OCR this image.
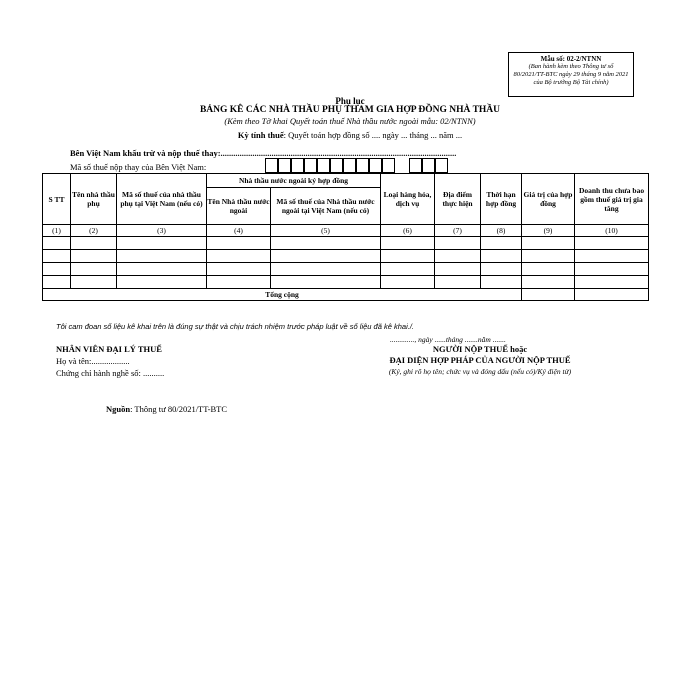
Mẫu số: 02-2/NTNN
(Ban hành kèm theo Thông tư số 80/2021/TT-BTC ngày 29 tháng 9 năm 2021 của Bộ trưởng Bộ Tài chính)
Phụ lục
BẢNG KÊ CÁC NHÀ THẦU PHỤ THAM GIA HỢP ĐỒNG NHÀ THẦU
(Kèm theo Tờ khai Quyết toán thuế Nhà thầu nước ngoài mẫu: 02/NTNN)
Kỳ tính thuế: Quyết toán hợp đồng số .... ngày ... tháng ... năm ...
Bên Việt Nam khấu trừ và nộp thuế thay:...............................................................................................................
Mã số thuế nộp thay của Bên Việt Nam:
S TT	Tên nhà thầu phụ	Mã số thuế của nhà thầu phụ tại Việt Nam (nếu có)	Nhà thầu nước ngoài ký hợp đồng		Loại hàng hóa, dịch vụ	Địa điểm thực hiện	Thời hạn hợp đồng	Giá trị của hợp đồng	Doanh thu chưa bao gồm thuế giá trị gia tăng
			Tên Nhà thầu nước ngoài	Mã số thuế của Nhà thầu nước ngoài tại Việt Nam (nếu có)					
(1)	(2)	(3)	(4)	(5)	(6)	(7)	(8)	(9)	(10)

Tổng cộng									
Tôi cam đoan số liệu kê khai trên là đúng sự thật và chịu trách nhiệm trước pháp luật về số liệu đã kê khai./.
NHÂN VIÊN ĐẠI LÝ THUẾ
Họ và tên:..................
Chứng chỉ hành nghề số: ..........
............., ngày ......tháng .......năm .......
NGƯỜI NỘP THUẾ hoặc
ĐẠI DIỆN HỢP PHÁP CỦA NGƯỜI NỘP THUẾ
(Ký, ghi rõ họ tên; chức vụ và đóng dấu (nếu có)/Ký điện tử)
Nguồn: Thông tư 80/2021/TT-BTC
